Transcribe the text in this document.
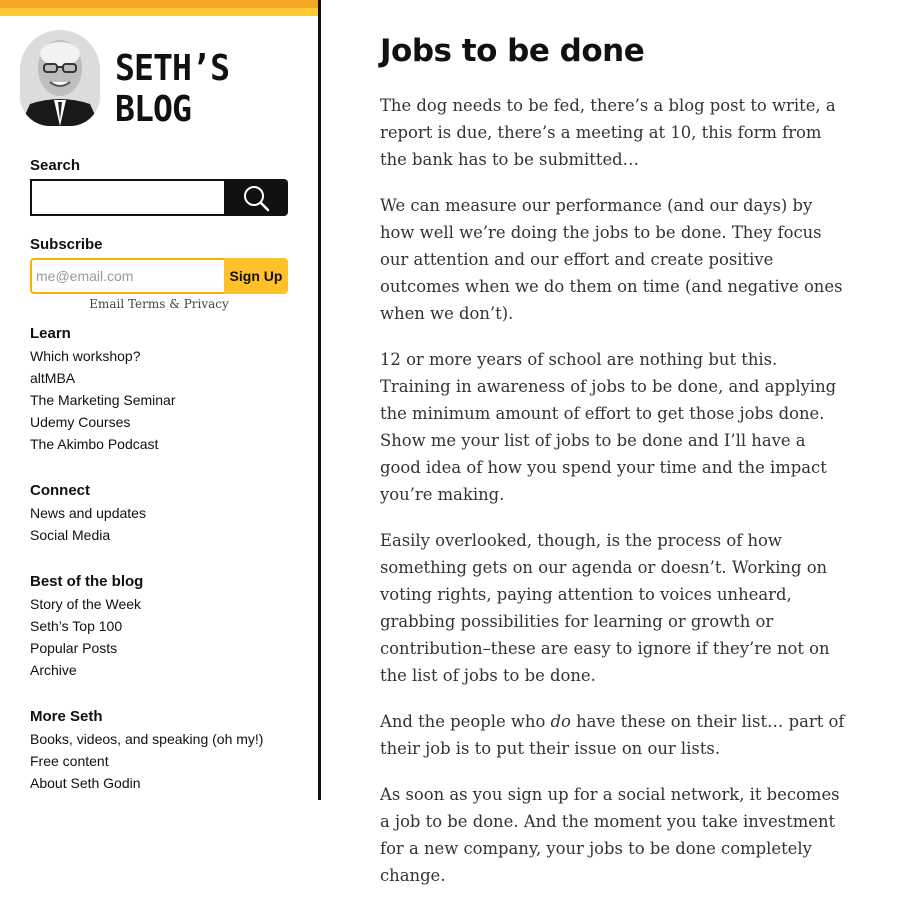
SETH’S BLOG
Search
Subscribe
me@email.com
Sign Up
Email Terms & Privacy
Learn
Which workshop?
altMBA
The Marketing Seminar
Udemy Courses
The Akimbo Podcast
Connect
News and updates
Social Media
Best of the blog
Story of the Week
Seth’s Top 100
Popular Posts
Archive
More Seth
Books, videos, and speaking (oh my!)
Free content
About Seth Godin
Jobs to be done

The dog needs to be fed, there’s a blog post to write, a report is due, there’s a meeting at 10, this form from the bank has to be submitted…

We can measure our performance (and our days) by how well we’re doing the jobs to be done. They focus our attention and our effort and create positive outcomes when we do them on time (and negative ones when we don’t).

12 or more years of school are nothing but this. Training in awareness of jobs to be done, and applying the minimum amount of effort to get those jobs done. Show me your list of jobs to be done and I’ll have a good idea of how you spend your time and the impact you’re making.

Easily overlooked, though, is the process of how something gets on our agenda or doesn’t. Working on voting rights, paying attention to voices unheard, grabbing possibilities for learning or growth or contribution–these are easy to ignore if they’re not on the list of jobs to be done.

And the people who do have these on their list… part of their job is to put their issue on our lists.

As soon as you sign up for a social network, it becomes a job to be done. And the moment you take investment for a new company, your jobs to be done completely change.
